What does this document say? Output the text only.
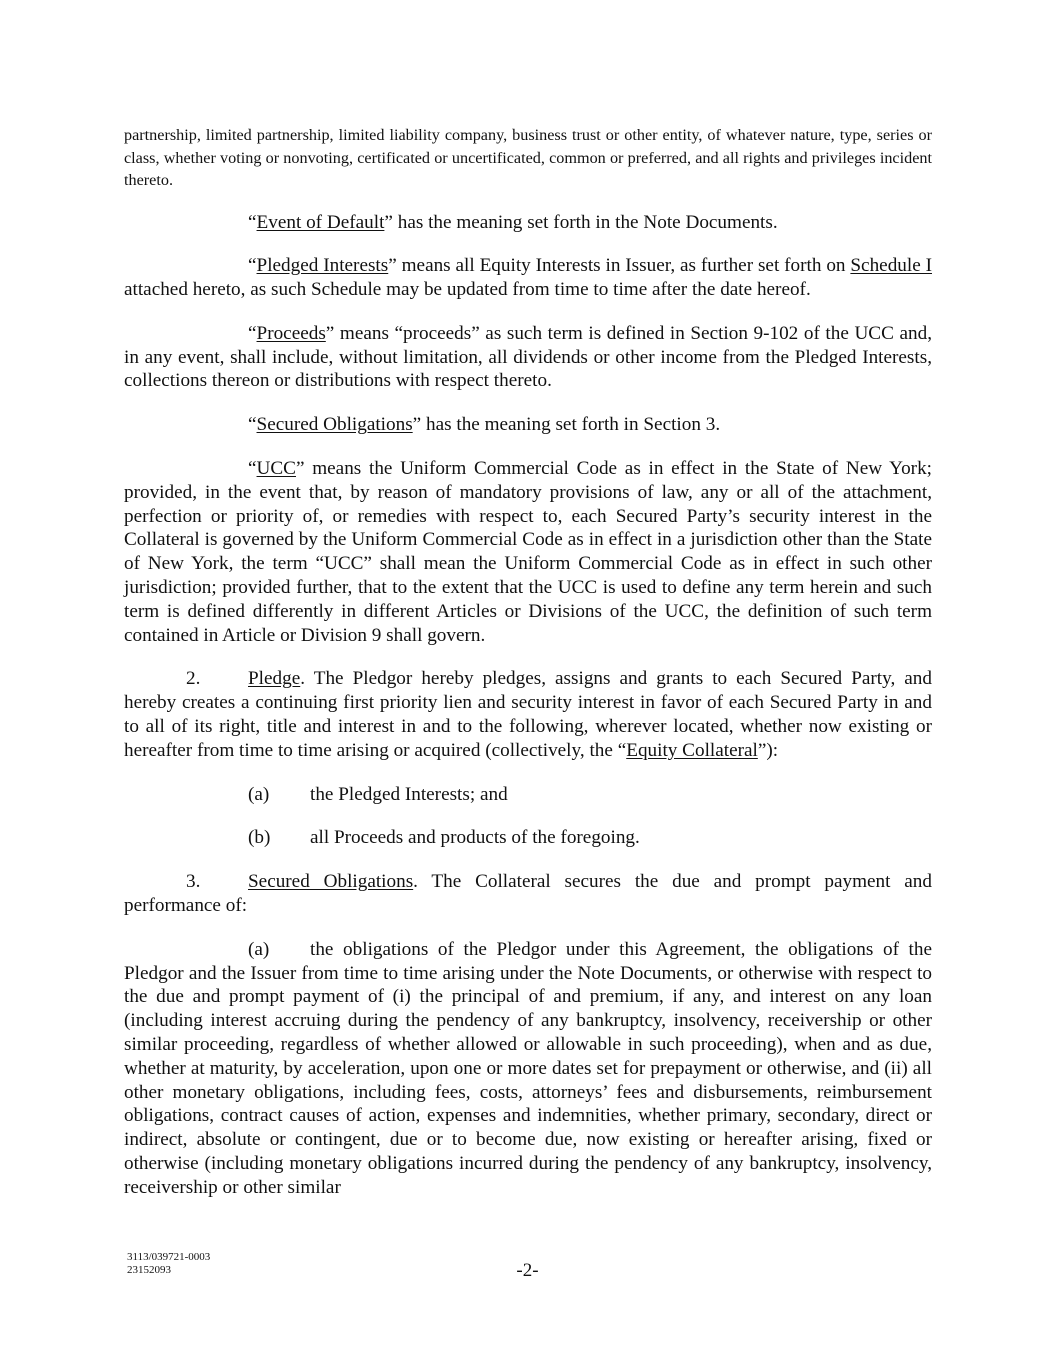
partnership, limited partnership, limited liability company, business trust or other entity, of whatever nature, type, series or class, whether voting or nonvoting, certificated or uncertificated, common or preferred, and all rights and privileges incident thereto.

“Event of Default” has the meaning set forth in the Note Documents.

“Pledged Interests” means all Equity Interests in Issuer, as further set forth on Schedule I attached hereto, as such Schedule may be updated from time to time after the date hereof.

“Proceeds” means “proceeds” as such term is defined in Section 9-102 of the UCC and, in any event, shall include, without limitation, all dividends or other income from the Pledged Interests, collections thereon or distributions with respect thereto.

“Secured Obligations” has the meaning set forth in Section 3.

“UCC” means the Uniform Commercial Code as in effect in the State of New York; provided, in the event that, by reason of mandatory provisions of law, any or all of the attachment, perfection or priority of, or remedies with respect to, each Secured Party’s security interest in the Collateral is governed by the Uniform Commercial Code as in effect in a jurisdiction other than the State of New York, the term “UCC” shall mean the Uniform Commercial Code as in effect in such other jurisdiction; provided further, that to the extent that the UCC is used to define any term herein and such term is defined differently in different Articles or Divisions of the UCC, the definition of such term contained in Article or Division 9 shall govern.

2. Pledge. The Pledgor hereby pledges, assigns and grants to each Secured Party, and hereby creates a continuing first priority lien and security interest in favor of each Secured Party in and to all of its right, title and interest in and to the following, wherever located, whether now existing or hereafter from time to time arising or acquired (collectively, the “Equity Collateral”):

(a) the Pledged Interests; and

(b) all Proceeds and products of the foregoing.

3. Secured Obligations. The Collateral secures the due and prompt payment and performance of:

(a) the obligations of the Pledgor under this Agreement, the obligations of the Pledgor and the Issuer from time to time arising under the Note Documents, or otherwise with respect to the due and prompt payment of (i) the principal of and premium, if any, and interest on any loan (including interest accruing during the pendency of any bankruptcy, insolvency, receivership or other similar proceeding, regardless of whether allowed or allowable in such proceeding), when and as due, whether at maturity, by acceleration, upon one or more dates set for prepayment or otherwise, and (ii) all other monetary obligations, including fees, costs, attorneys’ fees and disbursements, reimbursement obligations, contract causes of action, expenses and indemnities, whether primary, secondary, direct or indirect, absolute or contingent, due or to become due, now existing or hereafter arising, fixed or otherwise (including monetary obligations incurred during the pendency of any bankruptcy, insolvency, receivership or other similar

3113/039721-0003
23152093	-2-
